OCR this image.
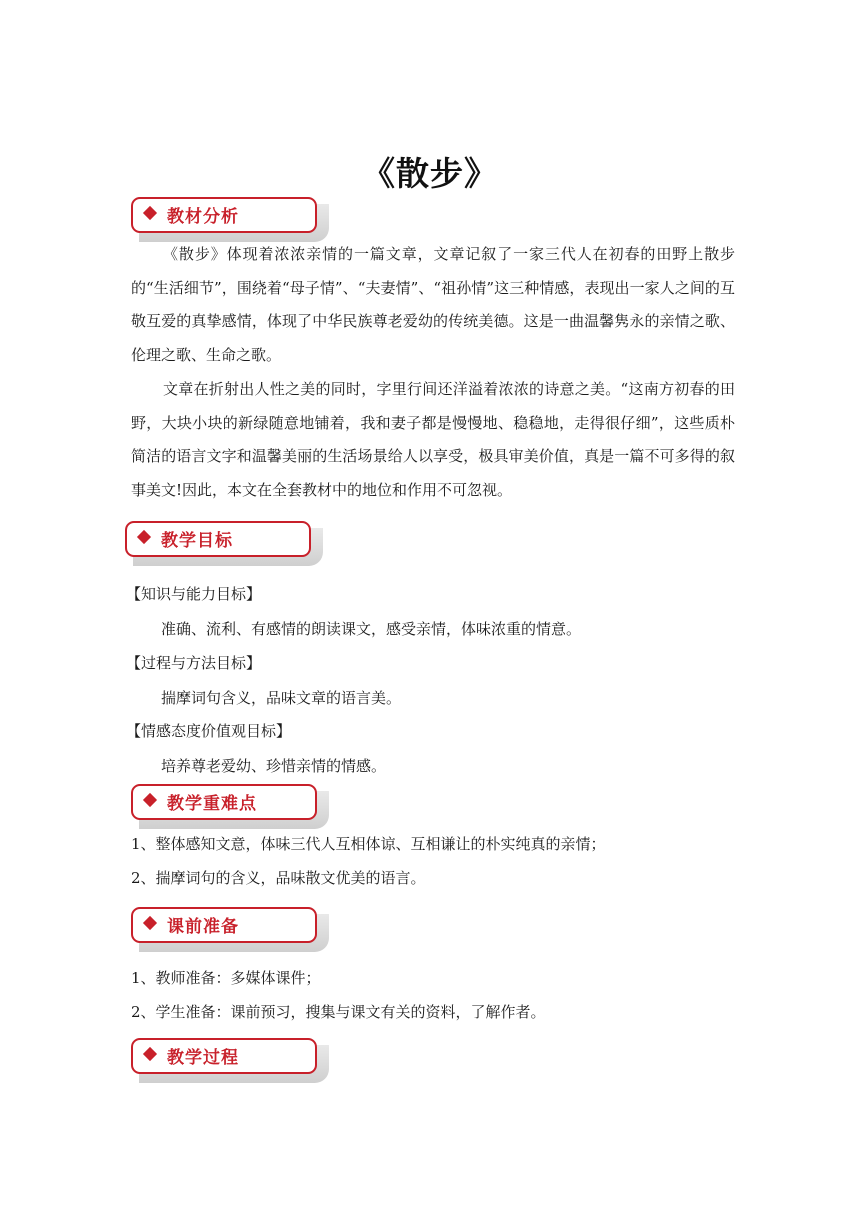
《散步》
教材分析
《散步》体现着浓浓亲情的一篇文章，文章记叙了一家三代人在初春的田野上散步的“生活细节”，围绕着“母子情”、“夫妻情”、“祖孙情”这三种情感，表现出一家人之间的互敬互爱的真挚感情，体现了中华民族尊老爱幼的传统美德。这是一曲温馨隽永的亲情之歌、伦理之歌、生命之歌。
文章在折射出人性之美的同时，字里行间还洋溢着浓浓的诗意之美。“这南方初春的田野，大块小块的新绿随意地铺着，我和妻子都是慢慢地、稳稳地，走得很仔细”，这些质朴简洁的语言文字和温馨美丽的生活场景给人以享受，极具审美价值，真是一篇不可多得的叙事美文!因此，本文在全套教材中的地位和作用不可忽视。
教学目标
【知识与能力目标】
准确、流利、有感情的朗读课文，感受亲情，体味浓重的情意。
【过程与方法目标】
揣摩词句含义，品味文章的语言美。
【情感态度价值观目标】
培养尊老爱幼、珍惜亲情的情感。
教学重难点
1、整体感知文意，体味三代人互相体谅、互相谦让的朴实纯真的亲情；
2、揣摩词句的含义，品味散文优美的语言。
课前准备
1、教师准备：多媒体课件；
2、学生准备：课前预习，搜集与课文有关的资料，了解作者。
教学过程
